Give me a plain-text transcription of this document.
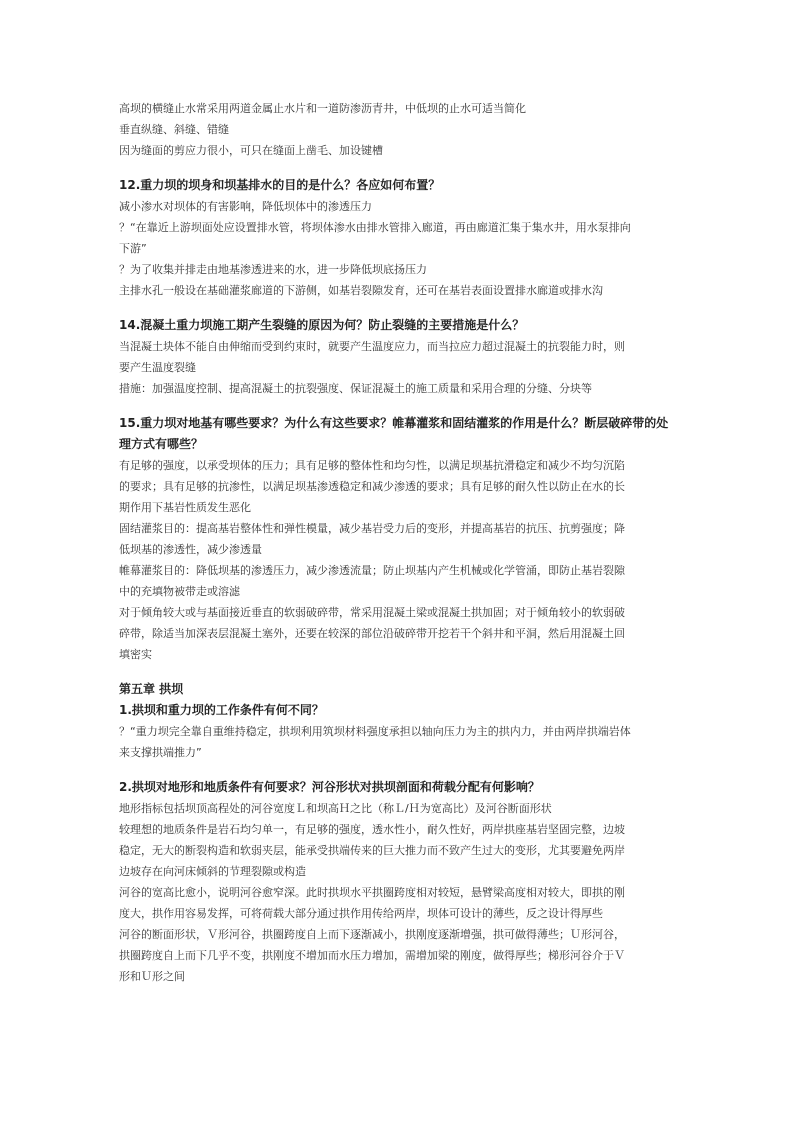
高坝的横缝止水常采用两道金属止水片和一道防渗沥青井，中低坝的止水可适当简化

垂直纵缝、斜缝、错缝

因为缝面的剪应力很小，可只在缝面上凿毛、加设键槽

12.重力坝的坝身和坝基排水的目的是什么？各应如何布置？

减小渗水对坝体的有害影响，降低坝体中的渗透压力

？“在靠近上游坝面处应设置排水管，将坝体渗水由排水管排入廊道，再由廊道汇集于集水井，用水泵排向

下游”

？为了收集并排走由地基渗透进来的水，进一步降低坝底扬压力

主排水孔一般设在基础灌浆廊道的下游侧，如基岩裂隙发育，还可在基岩表面设置排水廊道或排水沟

14.混凝土重力坝施工期产生裂缝的原因为何？防止裂缝的主要措施是什么？

当混凝土块体不能自由伸缩而受到约束时，就要产生温度应力，而当拉应力超过混凝土的抗裂能力时，则

要产生温度裂缝

措施：加强温度控制、提高混凝土的抗裂强度、保证混凝土的施工质量和采用合理的分缝、分块等

15.重力坝对地基有哪些要求？为什么有这些要求？帷幕灌浆和固结灌浆的作用是什么？断层破碎带的处

理方式有哪些？

有足够的强度，以承受坝体的压力；具有足够的整体性和均匀性，以满足坝基抗滑稳定和减少不均匀沉陷

的要求；具有足够的抗渗性，以满足坝基渗透稳定和减少渗透的要求；具有足够的耐久性以防止在水的长

期作用下基岩性质发生恶化

固结灌浆目的：提高基岩整体性和弹性模量，减少基岩受力后的变形，并提高基岩的抗压、抗剪强度；降

低坝基的渗透性，减少渗透量

帷幕灌浆目的：降低坝基的渗透压力，减少渗透流量；防止坝基内产生机械或化学管涌，即防止基岩裂隙

中的充填物被带走或溶滤

对于倾角较大或与基面接近垂直的软弱破碎带，常采用混凝土梁或混凝土拱加固；对于倾角较小的软弱破

碎带，除适当加深表层混凝土塞外，还要在较深的部位沿破碎带开挖若干个斜井和平洞，然后用混凝土回

填密实

第五章 拱坝

1.拱坝和重力坝的工作条件有何不同？

？“重力坝完全靠自重维持稳定，拱坝利用筑坝材料强度承担以轴向压力为主的拱内力，并由两岸拱端岩体

来支撑拱端推力”

2.拱坝对地形和地质条件有何要求？河谷形状对拱坝剖面和荷载分配有何影响？

地形指标包括坝顶高程处的河谷宽度Ｌ和坝高Ｈ之比（称Ｌ/Ｈ为宽高比）及河谷断面形状

较理想的地质条件是岩石均匀单一，有足够的强度，透水性小，耐久性好，两岸拱座基岩坚固完整，边坡

稳定，无大的断裂构造和软弱夹层，能承受拱端传来的巨大推力而不致产生过大的变形，尤其要避免两岸

边坡存在向河床倾斜的节理裂隙或构造

河谷的宽高比愈小，说明河谷愈窄深。此时拱坝水平拱圈跨度相对较短，悬臂梁高度相对较大，即拱的刚

度大，拱作用容易发挥，可将荷载大部分通过拱作用传给两岸，坝体可设计的薄些，反之设计得厚些

河谷的断面形状，Ｖ形河谷，拱圈跨度自上而下逐渐减小，拱刚度逐渐增强，拱可做得薄些；Ｕ形河谷，

拱圈跨度自上而下几乎不变，拱刚度不增加而水压力增加，需增加梁的刚度，做得厚些；梯形河谷介于Ｖ

形和Ｕ形之间
